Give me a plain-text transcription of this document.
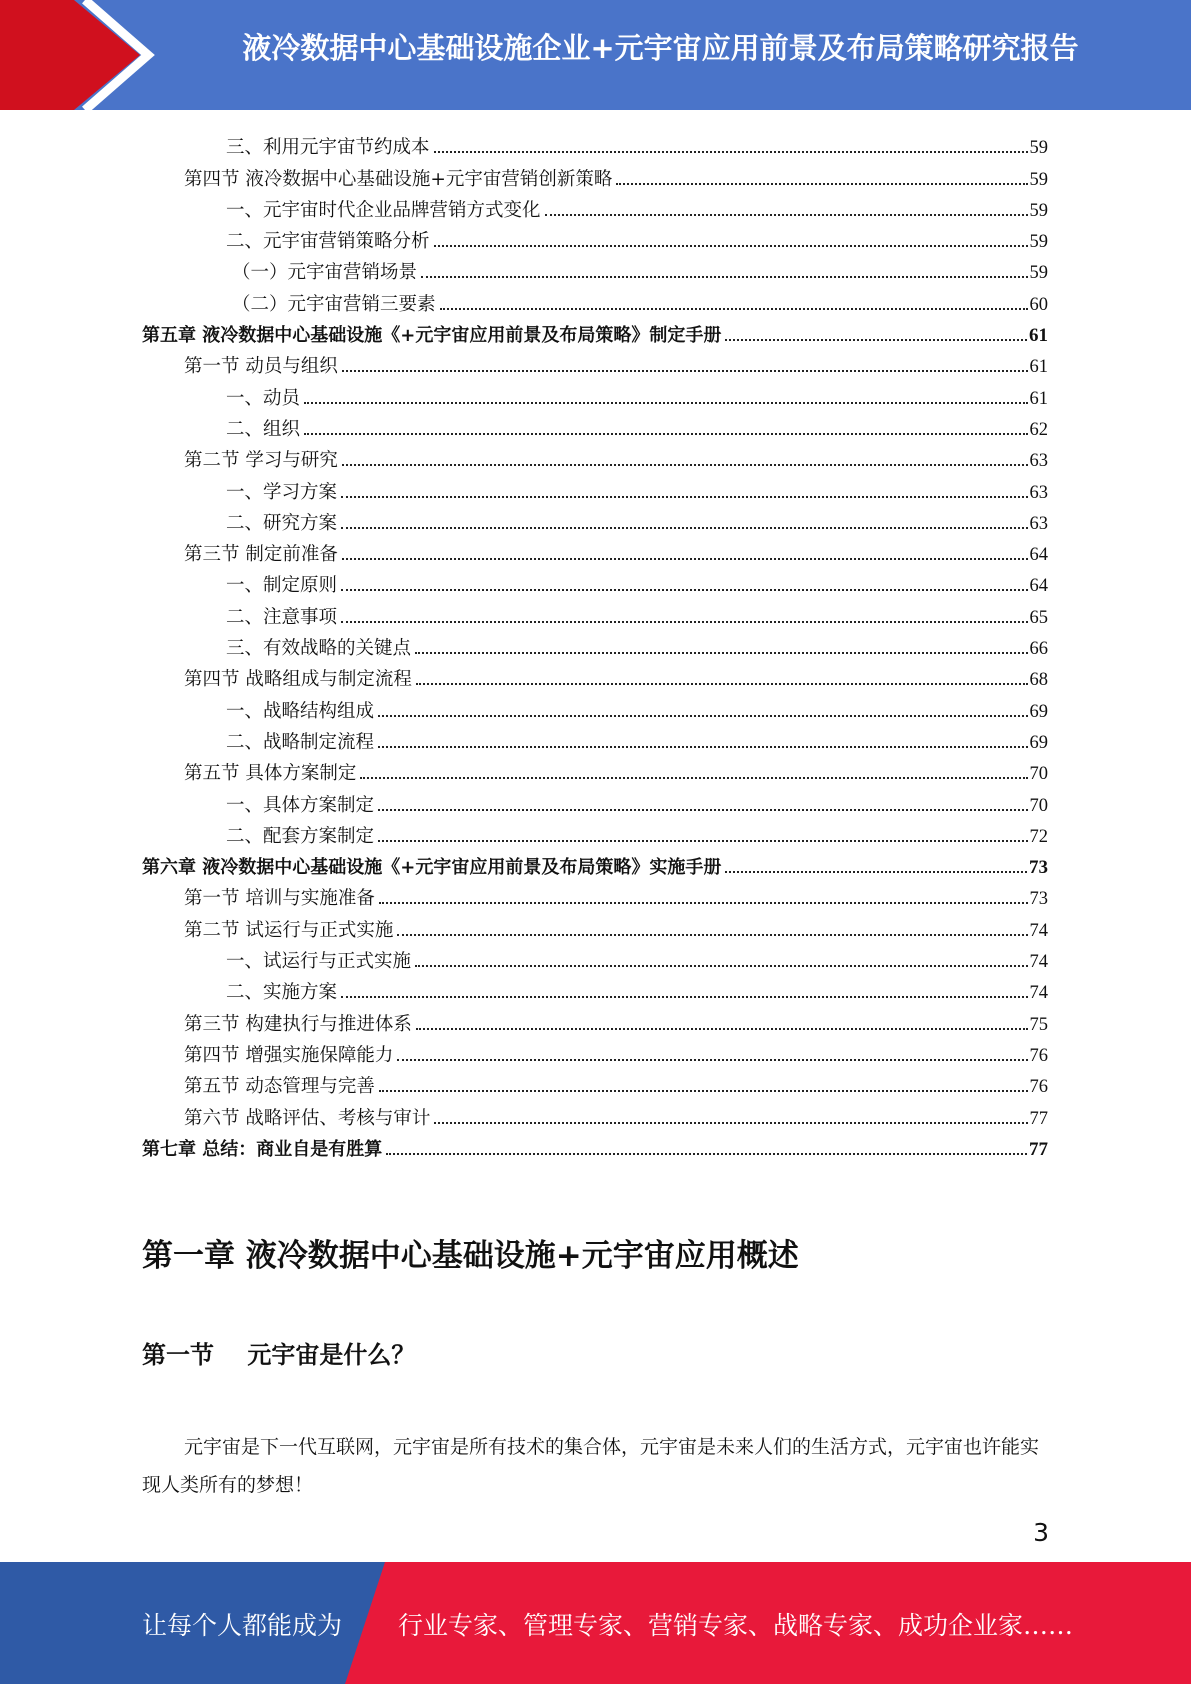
液冷数据中心基础设施企业+元宇宙应用前景及布局策略研究报告
三、利用元宇宙节约成本	59
第四节 液冷数据中心基础设施+元宇宙营销创新策略	59
一、元宇宙时代企业品牌营销方式变化	59
二、元宇宙营销策略分析	59
（一）元宇宙营销场景	59
（二）元宇宙营销三要素	60
第五章 液冷数据中心基础设施《+元宇宙应用前景及布局策略》制定手册	61
第一节 动员与组织	61
一、动员	61
二、组织	62
第二节 学习与研究	63
一、学习方案	63
二、研究方案	63
第三节 制定前准备	64
一、制定原则	64
二、注意事项	65
三、有效战略的关键点	66
第四节 战略组成与制定流程	68
一、战略结构组成	69
二、战略制定流程	69
第五节 具体方案制定	70
一、具体方案制定	70
二、配套方案制定	72
第六章 液冷数据中心基础设施《+元宇宙应用前景及布局策略》实施手册	73
第一节 培训与实施准备	73
第二节 试运行与正式实施	74
一、试运行与正式实施	74
二、实施方案	74
第三节 构建执行与推进体系	75
第四节 增强实施保障能力	76
第五节 动态管理与完善	76
第六节 战略评估、考核与审计	77
第七章 总结：商业自是有胜算	77
第一章 液冷数据中心基础设施+元宇宙应用概述
第一节    元宇宙是什么？

元宇宙是下一代互联网，元宇宙是所有技术的集合体，元宇宙是未来人们的生活方式，元宇宙也许能实现人类所有的梦想！

3
让每个人都能成为 行业专家、管理专家、营销专家、战略专家、成功企业家……
